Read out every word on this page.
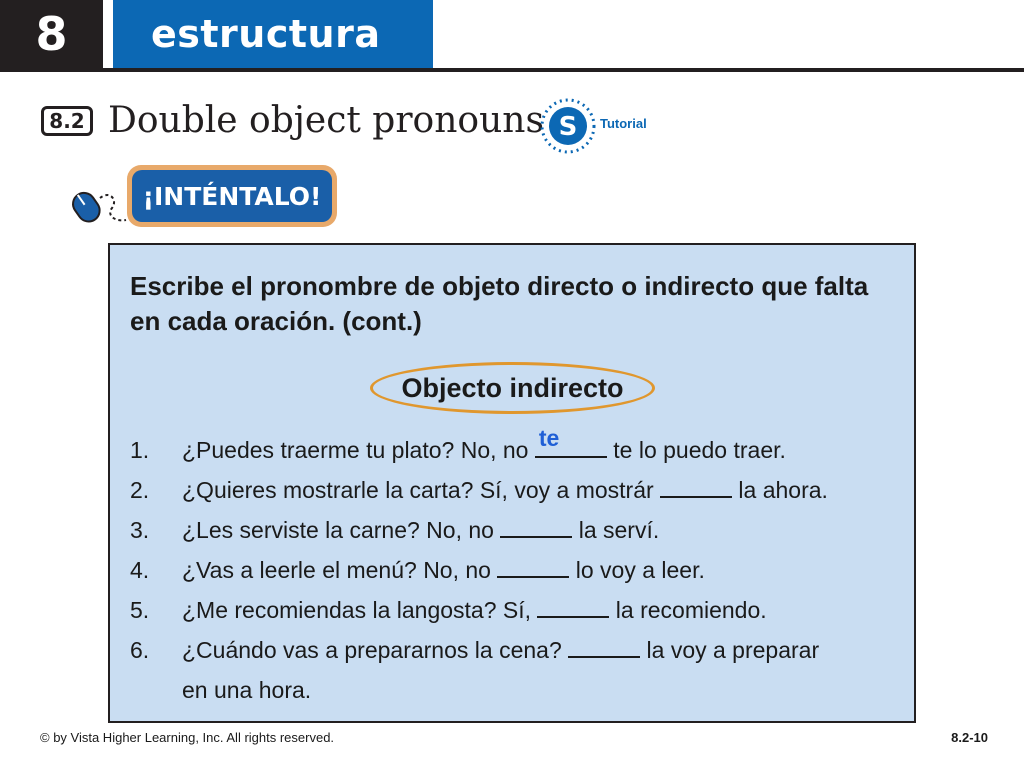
8	estructura
8.2 Double object pronouns S Tutorial
¡INTÉNTALO!
Escribe el pronombre de objeto directo o indirecto que falta en cada oración. (cont.)
Objecto indirecto
1. ¿Puedes traerme tu plato? No, no te te lo puedo traer.
2. ¿Quieres mostrarle la carta? Sí, voy a mostrár	la ahora.
3. ¿Les serviste la carne? No, no	la serví.
4. ¿Vas a leerle el menú? No, no	lo voy a leer.
5. ¿Me recomiendas la langosta? Sí,	la recomiendo.
6. ¿Cuándo vas a prepararnos la cena?	la voy a preparar
en una hora.
© by Vista Higher Learning, Inc. All rights reserved.	8.2-10
